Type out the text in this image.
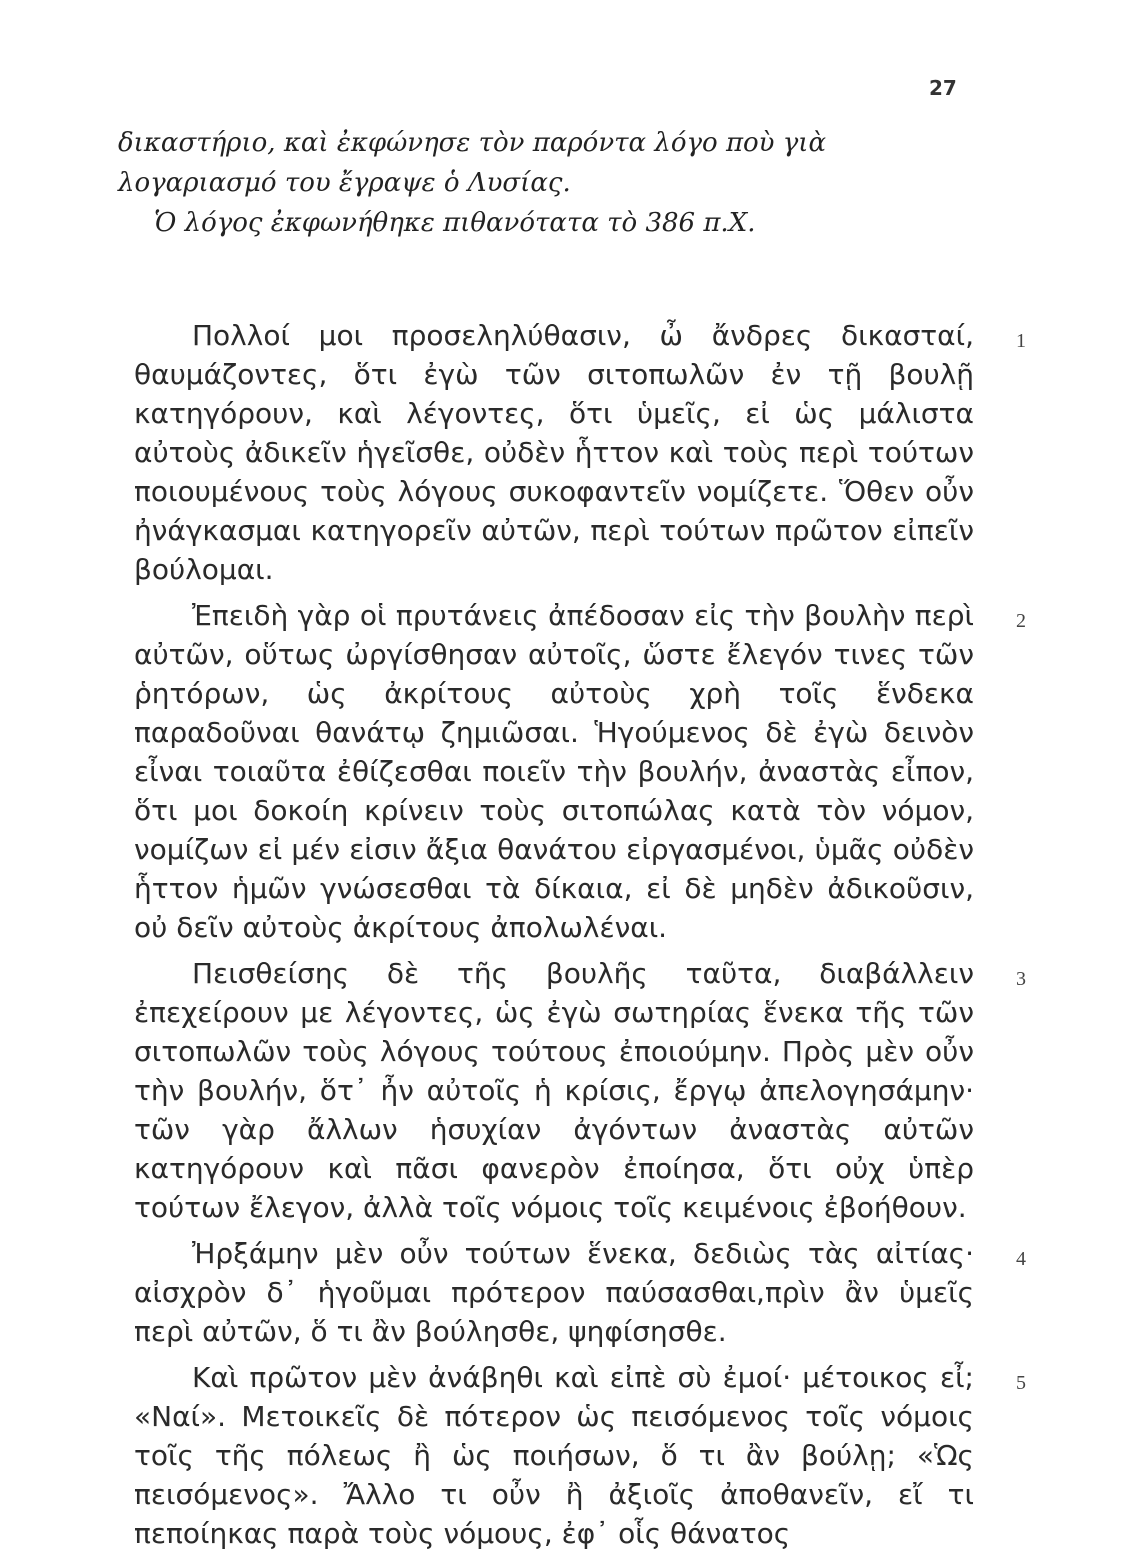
27

δικαστήριο, καὶ ἐκφώνησε τὸν παρόντα λόγο ποὺ γιὰ λογαριασμό του ἔγραψε ὁ Λυσίας.

Ὁ λόγος ἐκφωνήθηκε πιθανότατα τὸ 386 π.Χ.

Πολλοί μοι προσεληλύθασιν, ὦ ἄνδρες δικασταί, θαυμάζοντες, ὅτι ἐγὼ τῶν σιτοπωλῶν ἐν τῇ βουλῇ κατηγόρουν, καὶ λέγοντες, ὅτι ὑμεῖς, εἰ ὡς μάλιστα αὐτοὺς ἀδικεῖν ἡγεῖσθε, οὐδὲν ἧττον καὶ τοὺς περὶ τούτων ποιουμένους τοὺς λόγους συκοφαντεῖν νομίζετε. Ὅθεν οὖν ἠνάγκασμαι κατηγορεῖν αὐτῶν, περὶ τούτων πρῶτον εἰπεῖν βούλομαι.
1

Ἐπειδὴ γὰρ οἱ πρυτάνεις ἀπέδοσαν εἰς τὴν βουλὴν περὶ αὐτῶν, οὕτως ὠργίσθησαν αὐτοῖς, ὥστε ἔλεγόν τινες τῶν ῥητόρων, ὡς ἀκρίτους αὐτοὺς χρὴ τοῖς ἕνδεκα παραδοῦναι θανάτῳ ζημιῶσαι. Ἡγούμενος δὲ ἐγὼ δεινὸν εἶναι τοιαῦτα ἐθίζεσθαι ποιεῖν τὴν βουλήν, ἀναστὰς εἶπον, ὅτι μοι δοκοίη κρίνειν τοὺς σιτοπώλας κατὰ τὸν νόμον, νομίζων εἰ μέν εἰσιν ἄξια θανάτου εἰργασμένοι, ὑμᾶς οὐδὲν ἧττον ἡμῶν γνώσεσθαι τὰ δίκαια, εἰ δὲ μηδὲν ἀδικοῦσιν, οὐ δεῖν αὐτοὺς ἀκρίτους ἀπολωλέναι.
2

Πεισθείσης δὲ τῆς βουλῆς ταῦτα, διαβάλλειν ἐπεχείρουν με λέγοντες, ὡς ἐγὼ σωτηρίας ἕνεκα τῆς τῶν σιτοπωλῶν τοὺς λόγους τούτους ἐποιούμην. Πρὸς μὲν οὖν τὴν βουλήν, ὅτ᾽ ἦν αὐτοῖς ἡ κρίσις, ἔργῳ ἀπελογησάμην· τῶν γὰρ ἄλλων ἡσυχίαν ἀγόντων ἀναστὰς αὐτῶν κατηγόρουν καὶ πᾶσι φανερὸν ἐποίησα, ὅτι οὐχ ὑπὲρ τούτων ἔλεγον, ἀλλὰ τοῖς νόμοις τοῖς κειμένοις ἐβοήθουν.
3

Ἠρξάμην μὲν οὖν τούτων ἕνεκα, δεδιὼς τὰς αἰτίας· αἰσχρὸν δ᾽ ἡγοῦμαι πρότερον παύσασθαι,πρὶν ἂν ὑμεῖς περὶ αὐτῶν, ὅ τι ἂν βούλησθε, ψηφίσησθε.
4

Καὶ πρῶτον μὲν ἀνάβηθι καὶ εἰπὲ σὺ ἐμοί· μέτοικος εἶ; «Ναί». Μετοικεῖς δὲ πότερον ὡς πεισόμενος τοῖς νόμοις τοῖς τῆς πόλεως ἢ ὡς ποιήσων, ὅ τι ἂν βούλῃ; «Ὡς πεισόμενος». Ἄλλο τι οὖν ἢ ἀξιοῖς ἀποθανεῖν, εἴ τι πεποίηκας παρὰ τοὺς νόμους, ἐφ᾽ οἷς θάνατος
5
